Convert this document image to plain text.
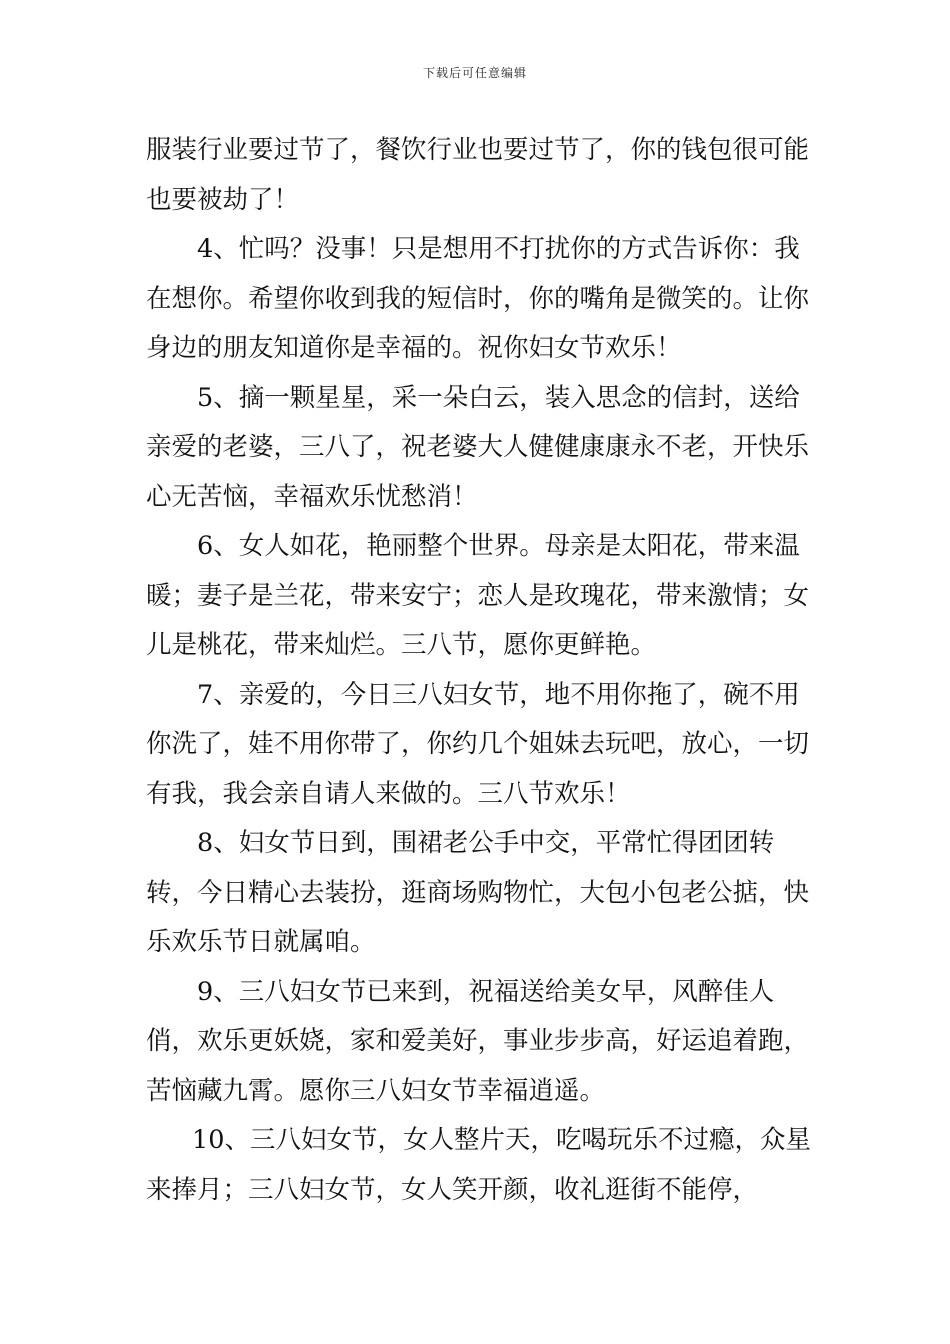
下载后可任意编辑

服装行业要过节了，餐饮行业也要过节了，你的钱包很可能也要被劫了！

4、忙吗？没事！只是想用不打扰你的方式告诉你：我在想你。希望你收到我的短信时，你的嘴角是微笑的。让你身边的朋友知道你是幸福的。祝你妇女节欢乐！

5、摘一颗星星，采一朵白云，装入思念的信封，送给亲爱的老婆，三八了，祝老婆大人健健康康永不老，开快乐心无苦恼，幸福欢乐忧愁消！

6、女人如花，艳丽整个世界。母亲是太阳花，带来温暖；妻子是兰花，带来安宁；恋人是玫瑰花，带来激情；女儿是桃花，带来灿烂。三八节，愿你更鲜艳。

7、亲爱的，今日三八妇女节，地不用你拖了，碗不用你洗了，娃不用你带了，你约几个姐妹去玩吧，放心，一切有我，我会亲自请人来做的。三八节欢乐！

8、妇女节日到，围裙老公手中交，平常忙得团团转转，今日精心去装扮，逛商场购物忙，大包小包老公掂，快乐欢乐节日就属咱。

9、三八妇女节已来到，祝福送给美女早，风醉佳人俏，欢乐更妖娆，家和爱美好，事业步步高，好运追着跑，苦恼藏九霄。愿你三八妇女节幸福逍遥。

10、三八妇女节，女人整片天，吃喝玩乐不过瘾，众星来捧月；三八妇女节，女人笑开颜，收礼逛街不能停，
